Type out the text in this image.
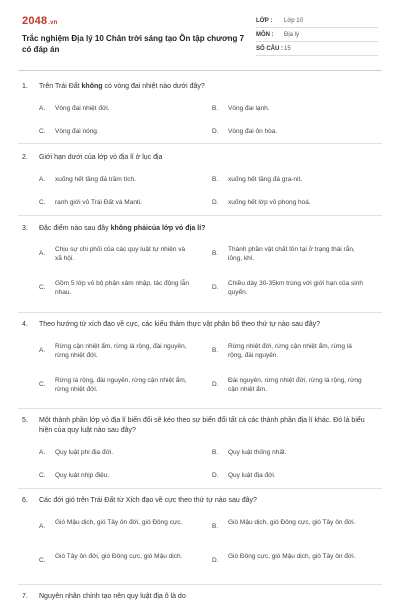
2048.vn
Trắc nghiệm Địa lý 10 Chân trời sáng tạo Ôn tập chương 7 có đáp án
LỚP :	Lớp 10
MÔN :	Địa lý
SỐ CÂU : 15
1. Trên Trái Đất không có vòng đai nhiệt nào dưới đây?
A.	Vòng đai nhiệt đới.	B.	Vòng đai lạnh.
C.	Vòng đai nóng.	D.	Vòng đai ôn hòa.
2. Giới hạn dưới của lớp vỏ địa lí ở lục địa
A.	xuống hết tầng đá trầm tích.	B.	xuống hết tầng đá gra-nit.
C.	ranh giới vỏ Trái Đất và Manti.	D.	xuống hết lớp vỏ phong hoá.
3. Đặc điểm nào sau đây không phảicủa lớp vỏ địa lí?
A.
Chịu sự chi phối của các quy luật tự nhiên và xã hội.
B.
Thành phần vật chất tồn tại ở trạng thái rắn, lỏng, khí.
C.
Gồm 5 lớp vỏ bộ phận xâm nhập, tác động lẫn nhau.
D.
Chiều dày 30-35km trùng với giới hạn của sinh quyển.
4. Theo hướng từ xích đạo về cực, các kiểu thảm thực vật phân bố theo thứ tự nào sau đây?
A.
Rừng cận nhiệt ẩm, rừng lá rộng, đài nguyên, rừng nhiệt đới.
B.
Rừng nhiệt đới, rừng cận nhiệt ẩm, rừng lá rộng, đài nguyên.
C.
Rừng lá rộng, đài nguyên, rừng cận nhiệt ẩm, rừng nhiệt đới.
D.
Đài nguyên, rừng nhiệt đới, rừng lá rộng, rừng cận nhiệt ẩm.
5. Một thành phần lớp vỏ địa lí biến đổi sẽ kéo theo sự biến đổi tất cả các thành phần địa lí khác. Đó là biểu hiện của quy luật nào sau đây?
A.	Quy luật phi địa đới.	B.	Quy luật thống nhất.
C.	Quy luật nhịp điệu.	D.	Quy luật địa đới.
6. Các đới gió trên Trái Đất từ Xích đạo về cực theo thứ tự nào sau đây?
A.
Gió Mậu dịch, gió Tây ôn đới, gió Đông cực.
B.
Gió Mậu dịch, gió Đông cực, gió Tây ôn đới.
C.
Gió Tây ôn đới, gió Đông cực, gió Mậu dịch.
D.
Gió Đông cực, gió Mậu dịch, gió Tây ôn đới.
7. Nguyên nhân chính tạo nên quy luật địa ô là do
